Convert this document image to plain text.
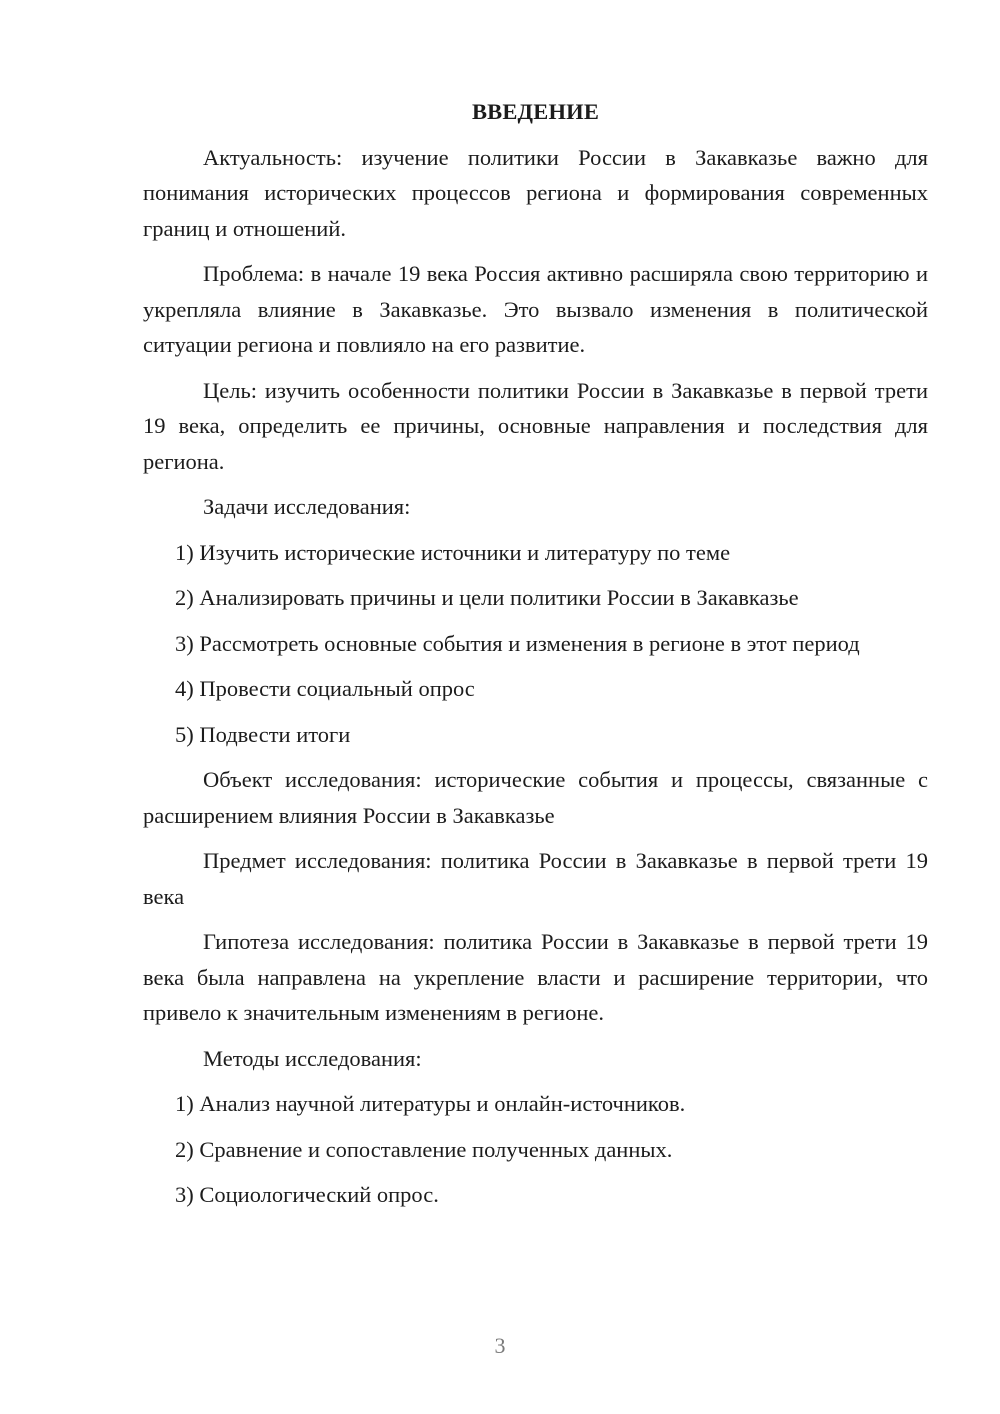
ВВЕДЕНИЕ

Актуальность: изучение политики России в Закавказье важно для понимания исторических процессов региона и формирования современных границ и отношений.

Проблема: в начале 19 века Россия активно расширяла свою территорию и укрепляла влияние в Закавказье. Это вызвало изменения в политической ситуации региона и повлияло на его развитие.

Цель: изучить особенности политики России в Закавказье в первой трети 19 века, определить ее причины, основные направления и последствия для региона.

Задачи исследования:

1) Изучить исторические источники и литературу по теме

2) Анализировать причины и цели политики России в Закавказье

3) Рассмотреть основные события и изменения в регионе в этот период

4) Провести социальный опрос

5) Подвести итоги

Объект исследования: исторические события и процессы, связанные с расширением влияния России в Закавказье

Предмет исследования: политика России в Закавказье в первой трети 19 века

Гипотеза исследования: политика России в Закавказье в первой трети 19 века была направлена на укрепление власти и расширение территории, что привело к значительным изменениям в регионе.

Методы исследования:

1) Анализ научной литературы и онлайн-источников.

2) Сравнение и сопоставление полученных данных.

3) Социологический опрос.

3
